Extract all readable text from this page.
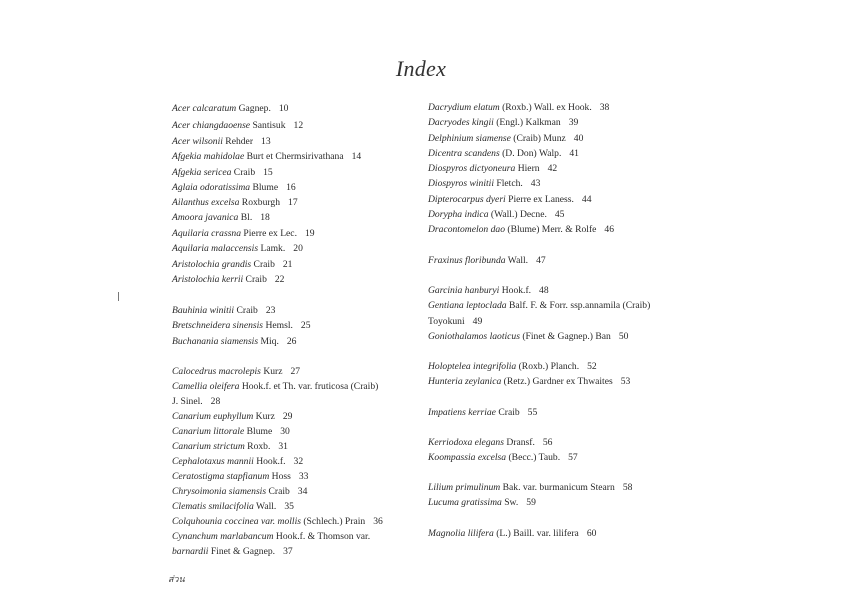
Index
Acer calcaratum Gagnep. 10
Acer chiangdaoense Santisuk 12
Acer wilsonii Rehder 13
Afgekia mahidolae Burt et Chermsirivathana 14
Afgekia sericea Craib 15
Aglaia odoratissima Blume 16
Ailanthus excelsa Roxburgh 17
Amoora javanica Bl. 18
Aquilaria crassna Pierre ex Lec. 19
Aquilaria malaccensis Lamk. 20
Aristolochia grandis Craib 21
Aristolochia kerrii Craib 22
Bauhinia winitii Craib 23
Bretschneidera sinensis Hemsl. 25
Buchanania siamensis Miq. 26
Calocedrus macrolepis Kurz 27
Camellia oleifera Hook.f. et Th. var. fruticosa (Craib)
J. Sinel. 28
Canarium euphyllum Kurz 29
Canarium littorale Blume 30
Canarium strictum Roxb. 31
Cephalotaxus mannii Hook.f. 32
Ceratostigma stapfianum Hoss 33
Chrysoimonia siamensis Craib 34
Clematis smilacifolia Wall. 35
Colquhounia coccinea var. mollis (Schlech.) Prain 36
Cynanchum marlabancum Hook.f. & Thomson var.
barnardii Finet & Gagnep. 37
Dacrydium elatum (Roxb.) Wall. ex Hook. 38
Dacryodes kingii (Engl.) Kalkman 39
Delphinium siamense (Craib) Munz 40
Dicentra scandens (D. Don) Walp. 41
Diospyros dictyoneura Hiern 42
Diospyros winitii Fletch. 43
Dipterocarpus dyeri Pierre ex Laness. 44
Dorypha indica (Wall.) Decne. 45
Dracontomelon dao (Blume) Merr. & Rolfe 46
Fraxinus floribunda Wall. 47
Garcinia hanburyi Hook.f. 48
Gentiana leptoclada Balf. F. & Forr. ssp.annamila (Craib)
Toyokuni 49
Goniothalamos laoticus (Finet & Gagnep.) Ban 50
Holoptelea integrifolia (Roxb.) Planch. 52
Hunteria zeylanica (Retz.) Gardner ex Thwaites 53
Impatiens kerriae Craib 55
Kerriodoxa elegans Dransf. 56
Koompassia excelsa (Becc.) Taub. 57
Lilium primulinum Bak. var. burmanicum Stearn 58
Lucuma gratissima Sw. 59
Magnolia lilifera (L.) Baill. var. lilifera 60
ส่วน
